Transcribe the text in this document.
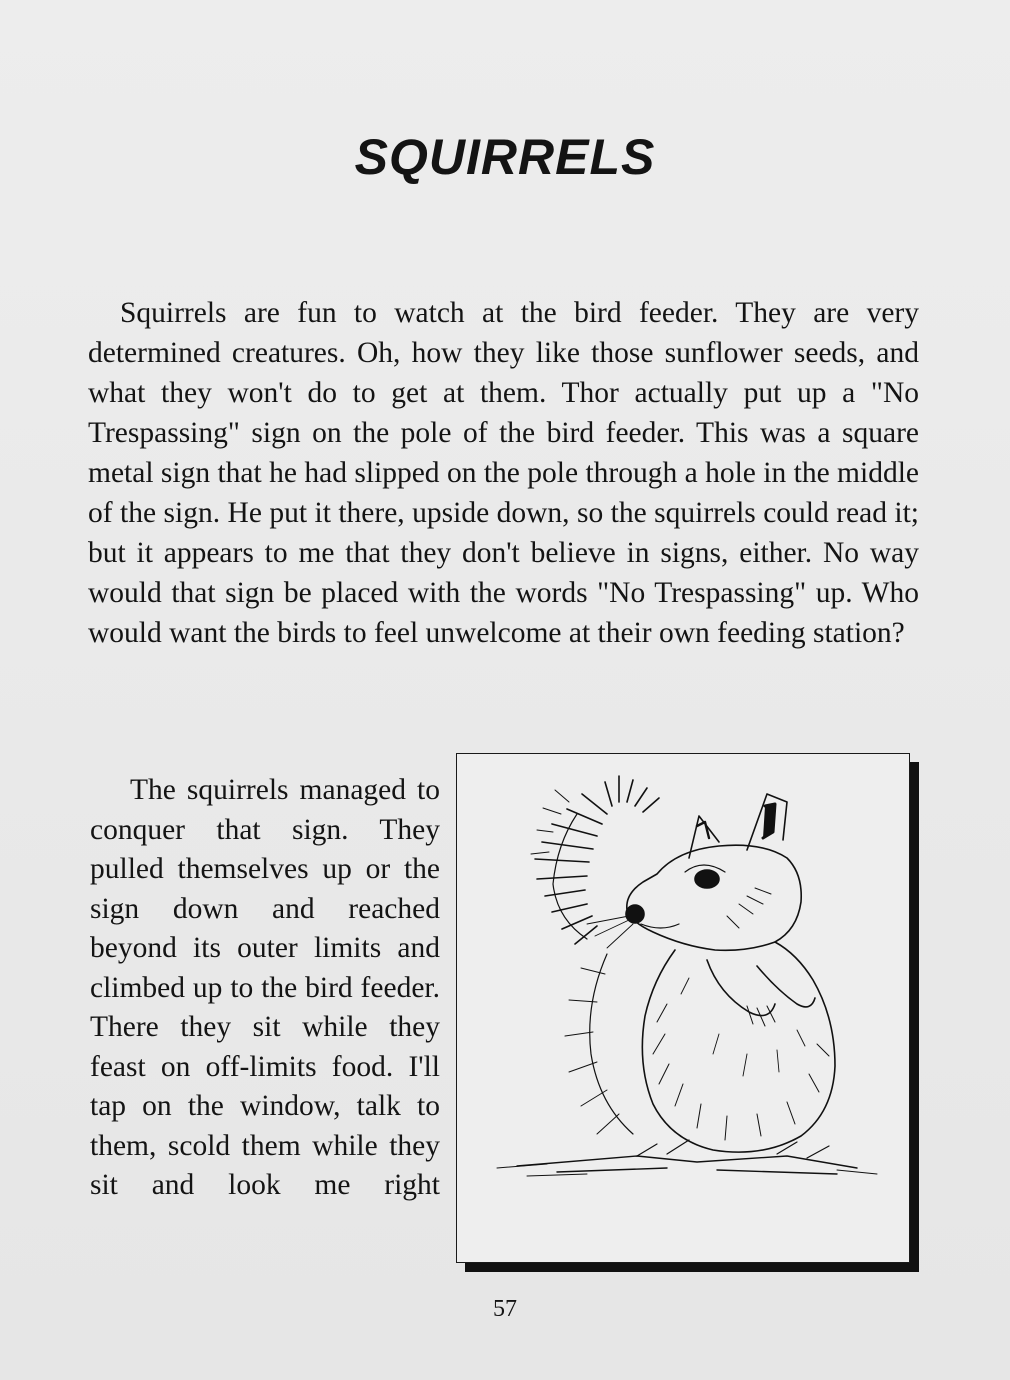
SQUIRRELS

Squirrels are fun to watch at the bird feeder. They are very determined creatures. Oh, how they like those sunflower seeds, and what they won't do to get at them. Thor actually put up a "No Trespassing" sign on the pole of the bird feeder. This was a square metal sign that he had slipped on the pole through a hole in the middle of the sign. He put it there, upside down, so the squirrels could read it; but it appears to me that they don't believe in signs, either. No way would that sign be placed with the words "No Trespassing" up. Who would want the birds to feel unwelcome at their own feeding station?

The squirrels managed to conquer that sign. They pulled themselves up or the sign down and reached beyond its outer limits and climbed up to the bird feeder. There they sit while they feast on off-limits food. I'll tap on the window, talk to them, scold them while they sit and look me right

57
